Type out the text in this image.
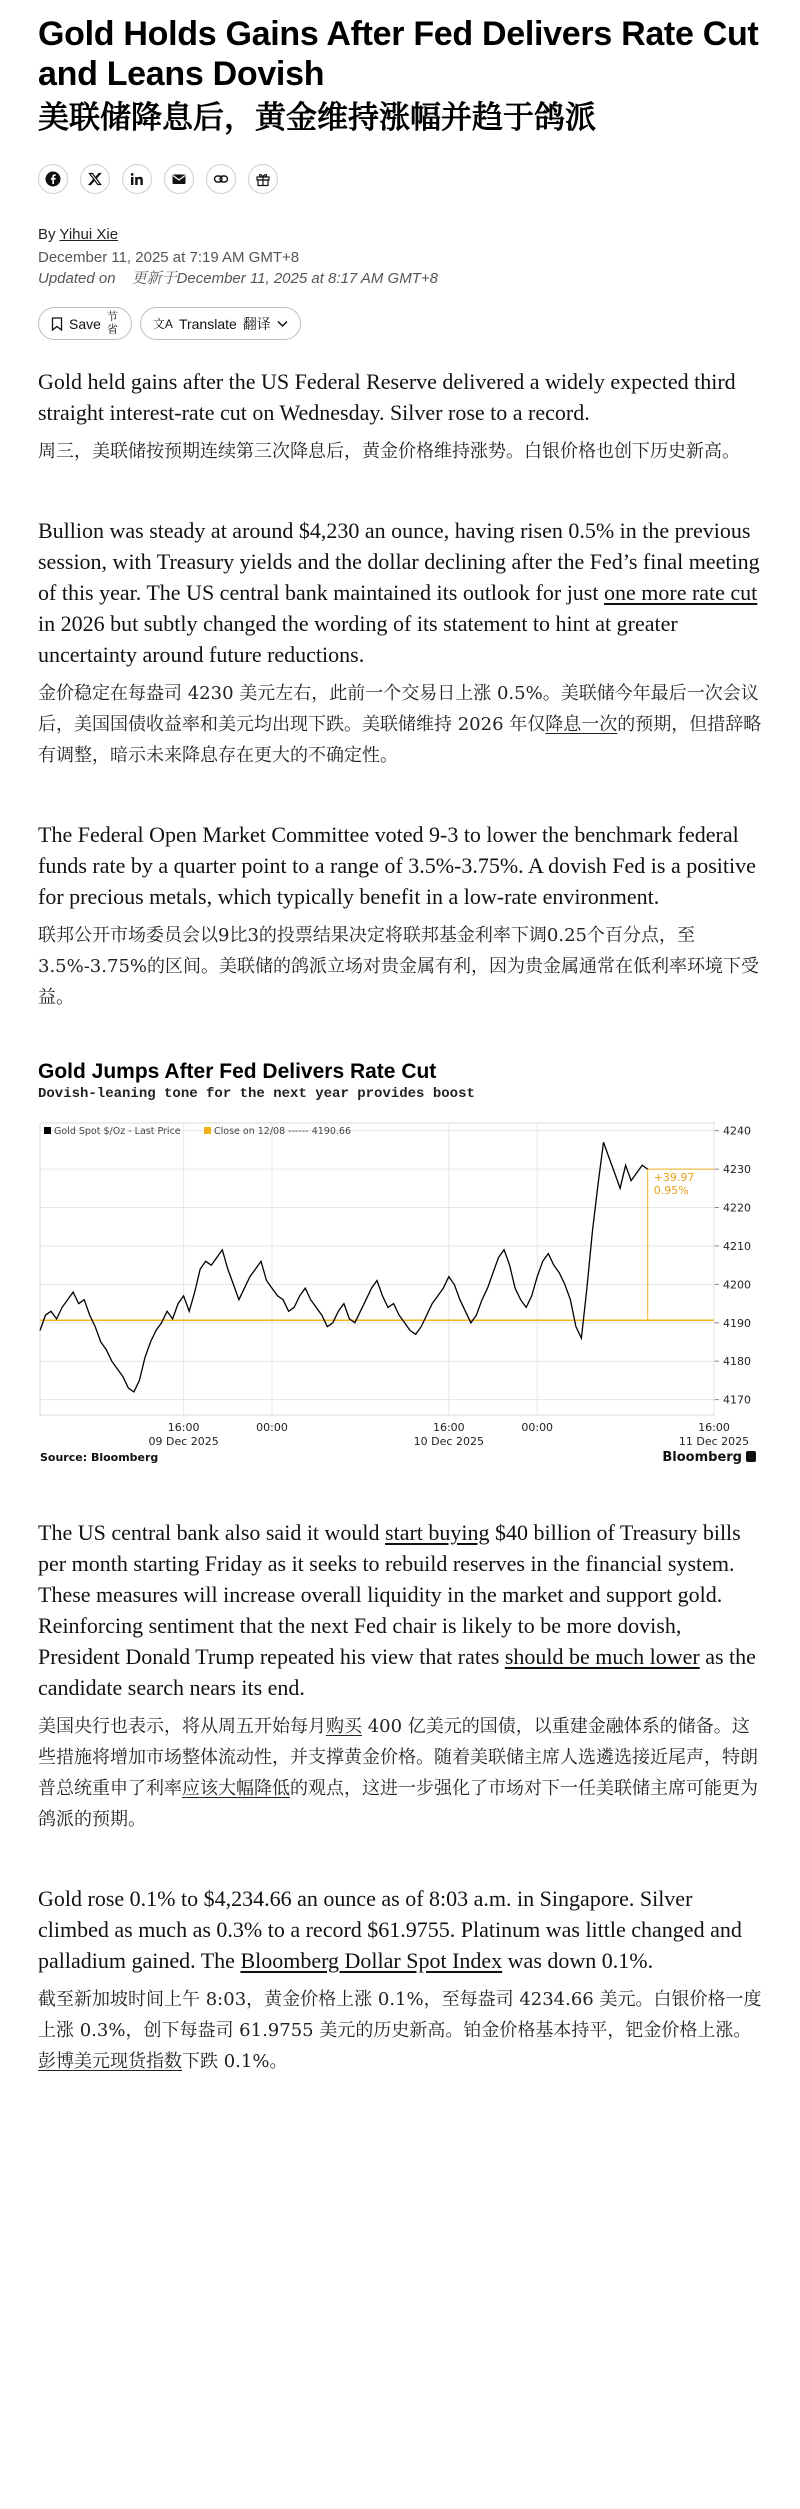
Gold Holds Gains After Fed Delivers Rate Cut and Leans Dovish
美联储降息后，黄金维持涨幅并趋于鸽派
By Yihui Xie
December 11, 2025 at 7:19 AM GMT+8
Updated on 更新于December 11, 2025 at 8:17 AM GMT+8
Save 节省	文A Translate 翻译

Gold held gains after the US Federal Reserve delivered a widely expected third straight interest-rate cut on Wednesday. Silver rose to a record.

周三，美联储按预期连续第三次降息后，黄金价格维持涨势。白银价格也创下历史新高。

Bullion was steady at around $4,230 an ounce, having risen 0.5% in the previous session, with Treasury yields and the dollar declining after the Fed’s final meeting of this year. The US central bank maintained its outlook for just one more rate cut in 2026 but subtly changed the wording of its statement to hint at greater uncertainty around future reductions.

金价稳定在每盎司 4230 美元左右，此前一个交易日上涨 0.5%。美联储今年最后一次会议后，美国国债收益率和美元均出现下跌。美联储维持 2026 年仅降息一次的预期，但措辞略有调整，暗示未来降息存在更大的不确定性。

The Federal Open Market Committee voted 9-3 to lower the benchmark federal funds rate by a quarter point to a range of 3.5%-3.75%. A dovish Fed is a positive for precious metals, which typically benefit in a low-rate environment.

联邦公开市场委员会以9比3的投票结果决定将联邦基金利率下调0.25个百分点，至3.5%-3.75%的区间。美联储的鸽派立场对贵金属有利，因为贵金属通常在低利率环境下受益。

Gold Jumps After Fed Delivers Rate Cut
Dovish-leaning tone for the next year provides boost
4170
4180
4190
4200
4210
4220
4230
4240
16:00
09 Dec 2025
00:00	16:00
10 Dec 2025
00:00	16:00
11 Dec 2025
+39.97
0.95%
Gold Spot $/Oz - Last Price	Close on 12/08 ------ 4190.66
Source: Bloomberg	Bloomberg

The US central bank also said it would start buying $40 billion of Treasury bills per month starting Friday as it seeks to rebuild reserves in the financial system. These measures will increase overall liquidity in the market and support gold. Reinforcing sentiment that the next Fed chair is likely to be more dovish, President Donald Trump repeated his view that rates should be much lower as the candidate search nears its end.

美国央行也表示，将从周五开始每月购买 400 亿美元的国债，以重建金融体系的储备。这些措施将增加市场整体流动性，并支撑黄金价格。随着美联储主席人选遴选接近尾声，特朗普总统重申了利率应该大幅降低的观点，这进一步强化了市场对下一任美联储主席可能更为鸽派的预期。

Gold rose 0.1% to $4,234.66 an ounce as of 8:03 a.m. in Singapore. Silver climbed as much as 0.3% to a record $61.9755. Platinum was little changed and palladium gained. The Bloomberg Dollar Spot Index was down 0.1%.

截至新加坡时间上午 8:03，黄金价格上涨 0.1%，至每盎司 4234.66 美元。白银价格一度上涨 0.3%，创下每盎司 61.9755 美元的历史新高。铂金价格基本持平，钯金价格上涨。彭博美元现货指数下跌 0.1%。
